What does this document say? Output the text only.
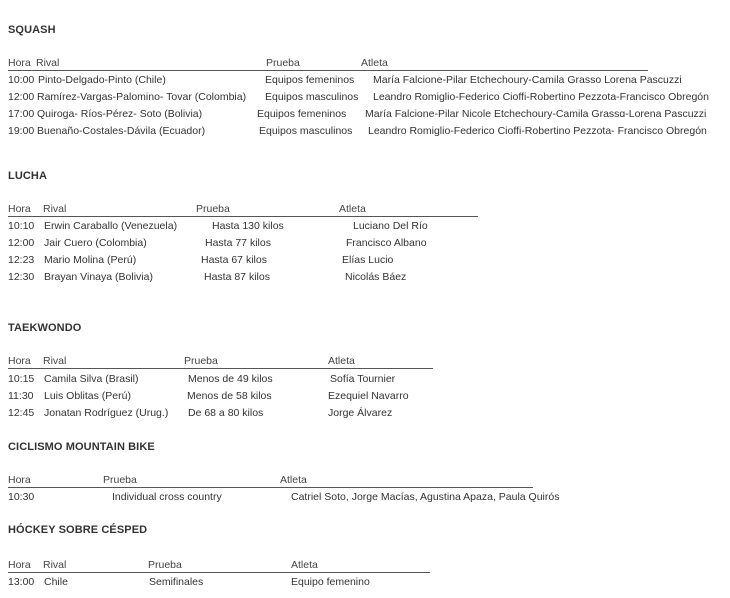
SQUASH
Hora Rival	Prueba	Atleta
10:00 Pinto-Delgado-Pinto (Chile)	Equipos femeninos María Falcione-Pilar Etchechoury-Camila Grasso Lorena Pascuzzi
12:00 Ramírez-Vargas-Palomino- Tovar (Colombia) Equipos masculinos Leandro Romiglio-Federico Cioffi-Robertino Pezzota-Francisco Obregón
17:00 Quiroga- Ríos-Pérez- Soto (Bolivia)	Equipos femeninos María Falcione-Pilar Nicole Etchechoury-Camila Grassɑ-Lorena Pascuzzi
19:00 Buenaño-Costales-Dávila (Ecuador)	Equipos masculinos Leandro Romiglio-Federico Cioffi-Robertino Pezzota- Francisco Obregón
LUCHA
Hora Rival	Prueba	Atleta
10:10 Erwin Caraballo (Venezuela)	Hasta 130 kilos	Luciano Del Río
12:00 Jair Cuero (Colombia)	Hasta 77 kilos	Francisco Albano
12:23 Mario Molina (Perú)	Hasta 67 kilos	Elías Lucio
12:30 Brayan Vinaya (Bolivia)	Hasta 87 kilos	Nicolás Báez
TAEKWONDO
Hora Rival	Prueba	Atleta
10:15 Camila Silva (Brasil)	Menos de 49 kilos	Sofía Tournier
11:30 Luis Oblitas (Perú)	Menos de 58 kilos	Ezequiel Navarro
12:45 Jonatan Rodríguez (Urug.) De 68 a 80 kilos	Jorge Álvarez
CICLISMO MOUNTAIN BIKE
Hora	Prueba	Atleta
10:30	Individual cross country	Catriel Soto, Jorge Macías, Agustina Apaza, Paula Quirós
HÓCKEY SOBRE CÉSPED
Hora Rival	Prueba	Atleta
13:00 Chile	Semifinales	Equipo femenino
